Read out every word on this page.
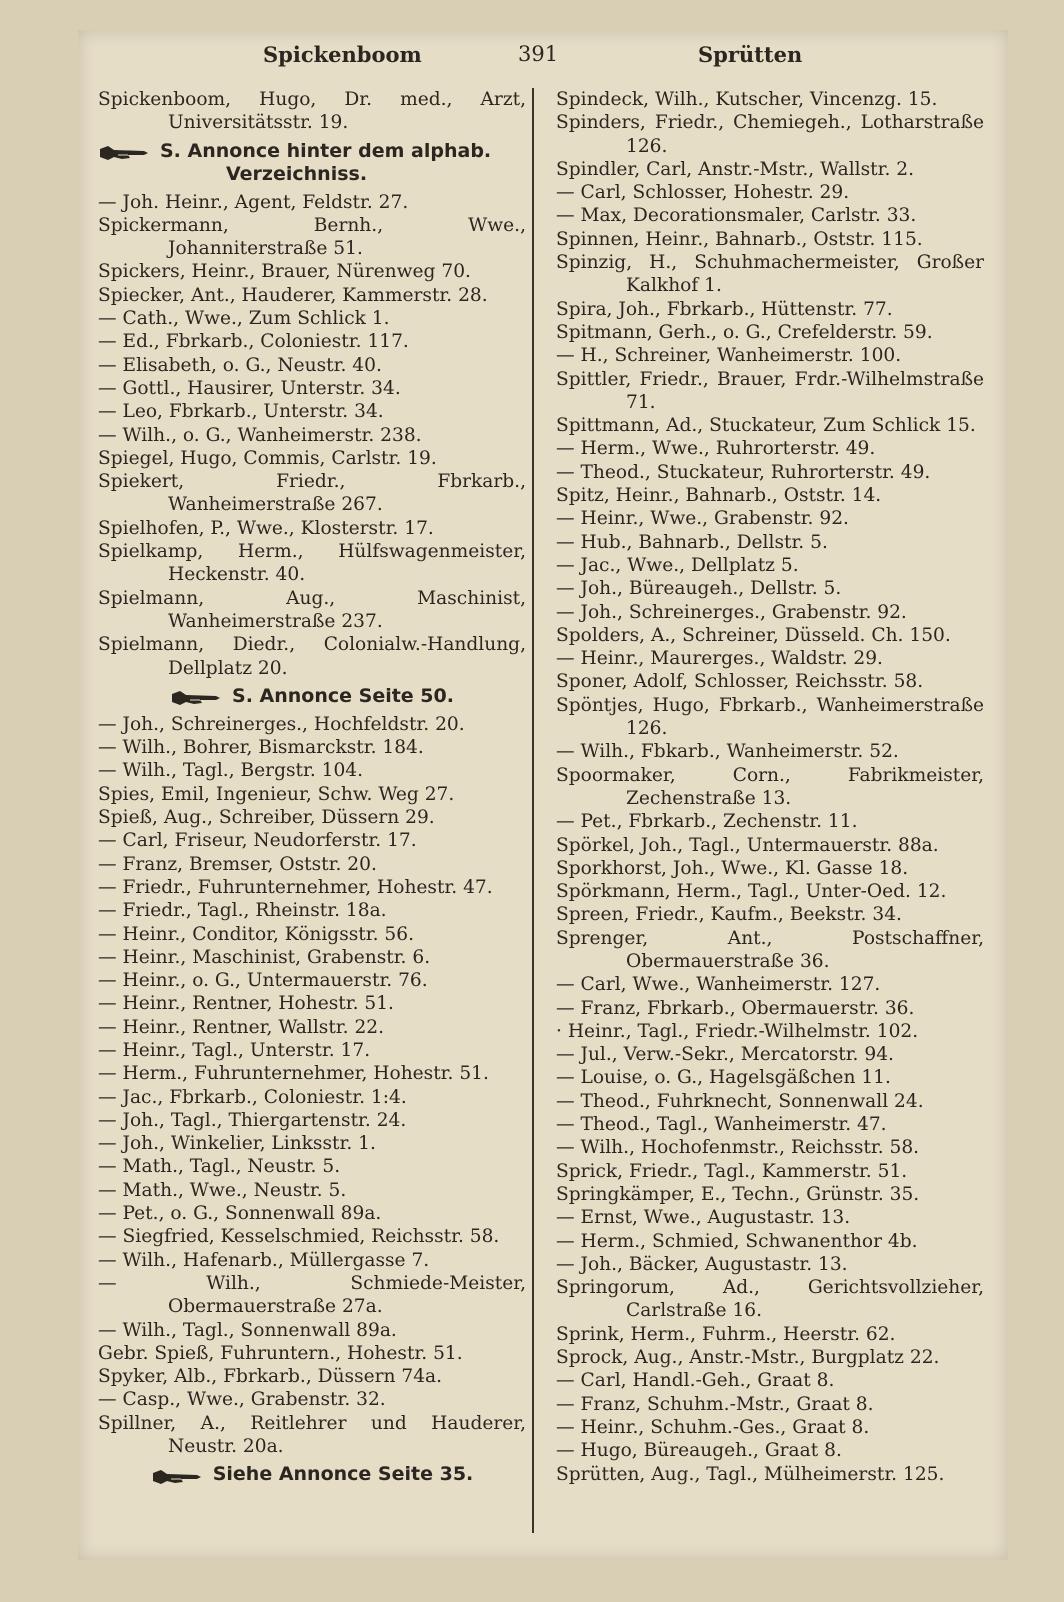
Spickenboom	391	Sprütten

Spickenboom, Hugo, Dr. med., Arzt, Universitätsstr. 19.

S. Annonce hinter dem alphab.
Verzeichniss.

— Joh. Heinr., Agent, Feldstr. 27.

Spickermann, Bernh., Wwe., Johanniterstraße 51.

Spickers, Heinr., Brauer, Nürenweg 70.

Spiecker, Ant., Hauderer, Kammerstr. 28.

— Cath., Wwe., Zum Schlick 1.

— Ed., Fbrkarb., Coloniestr. 117.

— Elisabeth, o. G., Neustr. 40.

— Gottl., Hausirer, Unterstr. 34.

— Leo, Fbrkarb., Unterstr. 34.

— Wilh., o. G., Wanheimerstr. 238.

Spiegel, Hugo, Commis, Carlstr. 19.

Spiekert, Friedr., Fbrkarb., Wanheimerstraße 267.

Spielhofen, P., Wwe., Klosterstr. 17.

Spielkamp, Herm., Hülfswagenmeister, Heckenstr. 40.

Spielmann, Aug., Maschinist, Wanheimerstraße 237.

Spielmann, Diedr., Colonialw.-Handlung, Dellplatz 20.

S. Annonce Seite 50.

— Joh., Schreinerges., Hochfeldstr. 20.

— Wilh., Bohrer, Bismarckstr. 184.

— Wilh., Tagl., Bergstr. 104.

Spies, Emil, Ingenieur, Schw. Weg 27.

Spieß, Aug., Schreiber, Düssern 29.

— Carl, Friseur, Neudorferstr. 17.

— Franz, Bremser, Oststr. 20.

— Friedr., Fuhrunternehmer, Hohestr. 47.

— Friedr., Tagl., Rheinstr. 18a.

— Heinr., Conditor, Königsstr. 56.

— Heinr., Maschinist, Grabenstr. 6.

— Heinr., o. G., Untermauerstr. 76.

— Heinr., Rentner, Hohestr. 51.

— Heinr., Rentner, Wallstr. 22.

— Heinr., Tagl., Unterstr. 17.

— Herm., Fuhrunternehmer, Hohestr. 51.

— Jac., Fbrkarb., Coloniestr. 1:4.

— Joh., Tagl., Thiergartenstr. 24.

— Joh., Winkelier, Linksstr. 1.

— Math., Tagl., Neustr. 5.

— Math., Wwe., Neustr. 5.

— Pet., o. G., Sonnenwall 89a.

— Siegfried, Kesselschmied, Reichsstr. 58.

— Wilh., Hafenarb., Müllergasse 7.

— Wilh., Schmiede-Meister, Obermauerstraße 27a.

— Wilh., Tagl., Sonnenwall 89a.

Gebr. Spieß, Fuhruntern., Hohestr. 51.

Spyker, Alb., Fbrkarb., Düssern 74a.

— Casp., Wwe., Grabenstr. 32.

Spillner, A., Reitlehrer und Hauderer, Neustr. 20a.

Siehe Annonce Seite 35.

Spindeck, Wilh., Kutscher, Vincenzg. 15.

Spinders, Friedr., Chemiegeh., Lotharstraße 126.

Spindler, Carl, Anstr.-Mstr., Wallstr. 2.

— Carl, Schlosser, Hohestr. 29.

— Max, Decorationsmaler, Carlstr. 33.

Spinnen, Heinr., Bahnarb., Oststr. 115.

Spinzig, H., Schuhmachermeister, Großer Kalkhof 1.

Spira, Joh., Fbrkarb., Hüttenstr. 77.

Spitmann, Gerh., o. G., Crefelderstr. 59.

— H., Schreiner, Wanheimerstr. 100.

Spittler, Friedr., Brauer, Frdr.-Wilhelmstraße 71.

Spittmann, Ad., Stuckateur, Zum Schlick 15.

— Herm., Wwe., Ruhrorterstr. 49.

— Theod., Stuckateur, Ruhrorterstr. 49.

Spitz, Heinr., Bahnarb., Oststr. 14.

— Heinr., Wwe., Grabenstr. 92.

— Hub., Bahnarb., Dellstr. 5.

— Jac., Wwe., Dellplatz 5.

— Joh., Büreaugeh., Dellstr. 5.

— Joh., Schreinerges., Grabenstr. 92.

Spolders, A., Schreiner, Düsseld. Ch. 150.

— Heinr., Maurerges., Waldstr. 29.

Sponer, Adolf, Schlosser, Reichsstr. 58.

Spöntjes, Hugo, Fbrkarb., Wanheimerstraße 126.

— Wilh., Fbkarb., Wanheimerstr. 52.

Spoormaker, Corn., Fabrikmeister, Zechenstraße 13.

— Pet., Fbrkarb., Zechenstr. 11.

Spörkel, Joh., Tagl., Untermauerstr. 88a.

Sporkhorst, Joh., Wwe., Kl. Gasse 18.

Spörkmann, Herm., Tagl., Unter-Oed. 12.

Spreen, Friedr., Kaufm., Beekstr. 34.

Sprenger, Ant., Postschaffner, Obermauerstraße 36.

— Carl, Wwe., Wanheimerstr. 127.

— Franz, Fbrkarb., Obermauerstr. 36.

· Heinr., Tagl., Friedr.-Wilhelmstr. 102.

— Jul., Verw.-Sekr., Mercatorstr. 94.

— Louise, o. G., Hagelsgäßchen 11.

— Theod., Fuhrknecht, Sonnenwall 24.

— Theod., Tagl., Wanheimerstr. 47.

— Wilh., Hochofenmstr., Reichsstr. 58.

Sprick, Friedr., Tagl., Kammerstr. 51.

Springkämper, E., Techn., Grünstr. 35.

— Ernst, Wwe., Augustastr. 13.

— Herm., Schmied, Schwanenthor 4b.

— Joh., Bäcker, Augustastr. 13.

Springorum, Ad., Gerichtsvollzieher, Carlstraße 16.

Sprink, Herm., Fuhrm., Heerstr. 62.

Sprock, Aug., Anstr.-Mstr., Burgplatz 22.

— Carl, Handl.-Geh., Graat 8.

— Franz, Schuhm.-Mstr., Graat 8.

— Heinr., Schuhm.-Ges., Graat 8.

— Hugo, Büreaugeh., Graat 8.

Sprütten, Aug., Tagl., Mülheimerstr. 125.
